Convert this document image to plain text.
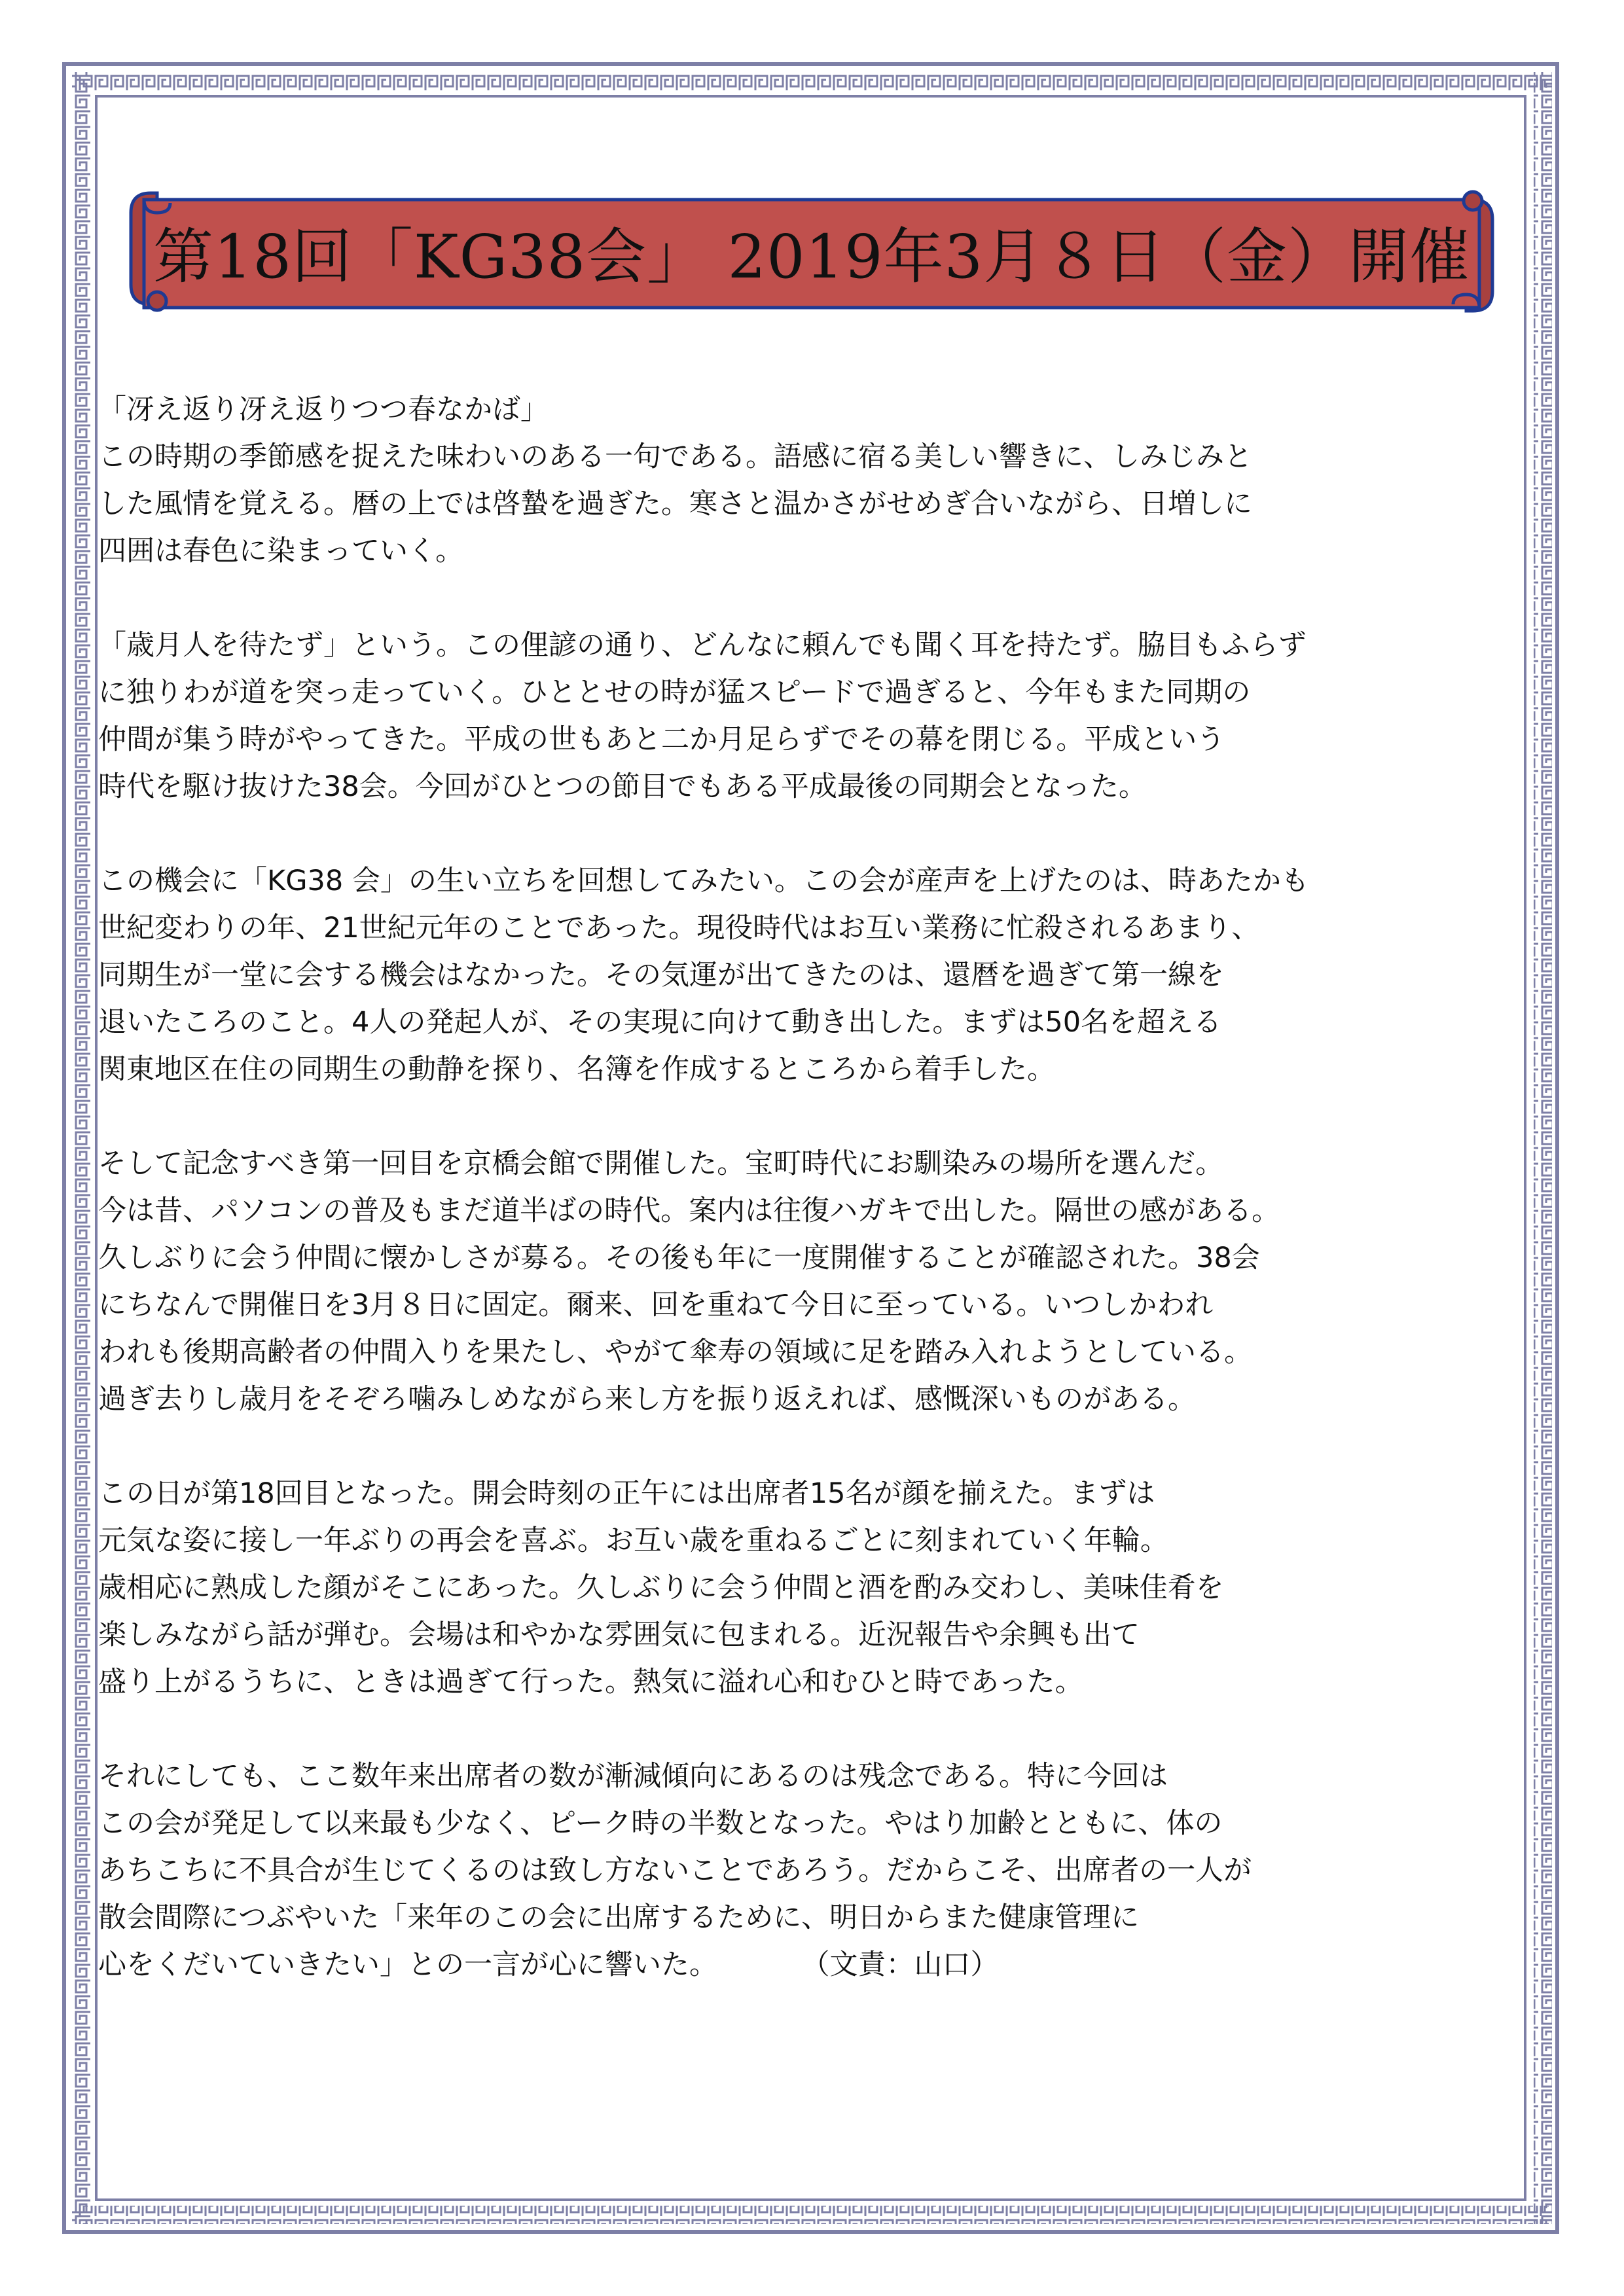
第18回「KG38会」 2019年3月８日（金）開催
「冴え返り冴え返りつつ春なかば」
この時期の季節感を捉えた味わいのある一句である。語感に宿る美しい響きに、しみじみと
した風情を覚える。暦の上では啓蟄を過ぎた。寒さと温かさがせめぎ合いながら、日増しに
四囲は春色に染まっていく。
「歳月人を待たず」という。この俚諺の通り、どんなに頼んでも聞く耳を持たず。脇目もふらず
に独りわが道を突っ走っていく。ひととせの時が猛スピードで過ぎると、今年もまた同期の
仲間が集う時がやってきた。平成の世もあと二か月足らずでその幕を閉じる。平成という
時代を駆け抜けた38会。今回がひとつの節目でもある平成最後の同期会となった。
この機会に「KG38 会」の生い立ちを回想してみたい。この会が産声を上げたのは、時あたかも
世紀変わりの年、21世紀元年のことであった。現役時代はお互い業務に忙殺されるあまり、
同期生が一堂に会する機会はなかった。その気運が出てきたのは、還暦を過ぎて第一線を
退いたころのこと。4人の発起人が、その実現に向けて動き出した。まずは50名を超える
関東地区在住の同期生の動静を探り、名簿を作成するところから着手した。
そして記念すべき第一回目を京橋会館で開催した。宝町時代にお馴染みの場所を選んだ。
今は昔、パソコンの普及もまだ道半ばの時代。案内は往復ハガキで出した。隔世の感がある。
久しぶりに会う仲間に懐かしさが募る。その後も年に一度開催することが確認された。38会
にちなんで開催日を3月８日に固定。爾来、回を重ねて今日に至っている。いつしかわれ
われも後期高齢者の仲間入りを果たし、やがて傘寿の領域に足を踏み入れようとしている。
過ぎ去りし歳月をそぞろ噛みしめながら来し方を振り返えれば、感慨深いものがある。
この日が第18回目となった。開会時刻の正午には出席者15名が顔を揃えた。まずは
元気な姿に接し一年ぶりの再会を喜ぶ。お互い歳を重ねるごとに刻まれていく年輪。
歳相応に熟成した顔がそこにあった。久しぶりに会う仲間と酒を酌み交わし、美味佳肴を
楽しみながら話が弾む。会場は和やかな雰囲気に包まれる。近況報告や余興も出て
盛り上がるうちに、ときは過ぎて行った。熱気に溢れ心和むひと時であった。
それにしても、ここ数年来出席者の数が漸減傾向にあるのは残念である。特に今回は
この会が発足して以来最も少なく、ピーク時の半数となった。やはり加齢とともに、体の
あちこちに不具合が生じてくるのは致し方ないことであろう。だからこそ、出席者の一人が
散会間際につぶやいた「来年のこの会に出席するために、明日からまた健康管理に
心をくだいていきたい」との一言が心に響いた。	（文責：山口）
